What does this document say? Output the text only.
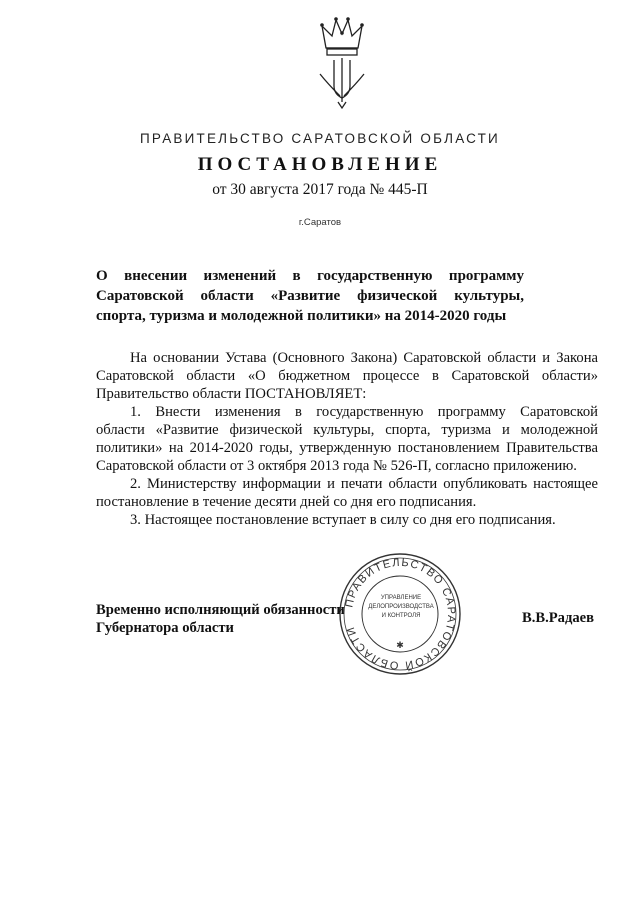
ПРАВИТЕЛЬСТВО САРАТОВСКОЙ ОБЛАСТИ
ПОСТАНОВЛЕНИЕ
от 30 августа 2017 года № 445-П
г.Саратов
О внесении изменений в государственную программу
Саратовской области «Развитие физической культуры,
спорта, туризма и молодежной политики» на 2014-2020 годы
На основании Устава (Основного Закона) Саратовской области и Закона
Саратовской области «О бюджетном процессе в Саратовской области»
Правительство области ПОСТАНОВЛЯЕТ:
1. Внести изменения в государственную программу Саратовской
области «Развитие физической культуры, спорта, туризма и молодежной
политики» на 2014-2020 годы, утвержденную постановлением Правительства
Саратовской области от 3 октября 2013 года № 526-П, согласно приложению.
2. Министерству информации и печати области опубликовать настоящее
постановление в течение десяти дней со дня его подписания.
3. Настоящее постановление вступает в силу со дня его подписания.
ПРАВИТЕЛЬСТВО САРАТОВСКОЙ ОБЛАСТИ
✱
УПРАВЛЕНИЕ
ДЕЛОПРОИЗВОДСТВА
И КОНТРОЛЯ
Временно исполняющий обязанности
Губернатора области
В.В.Радаев
